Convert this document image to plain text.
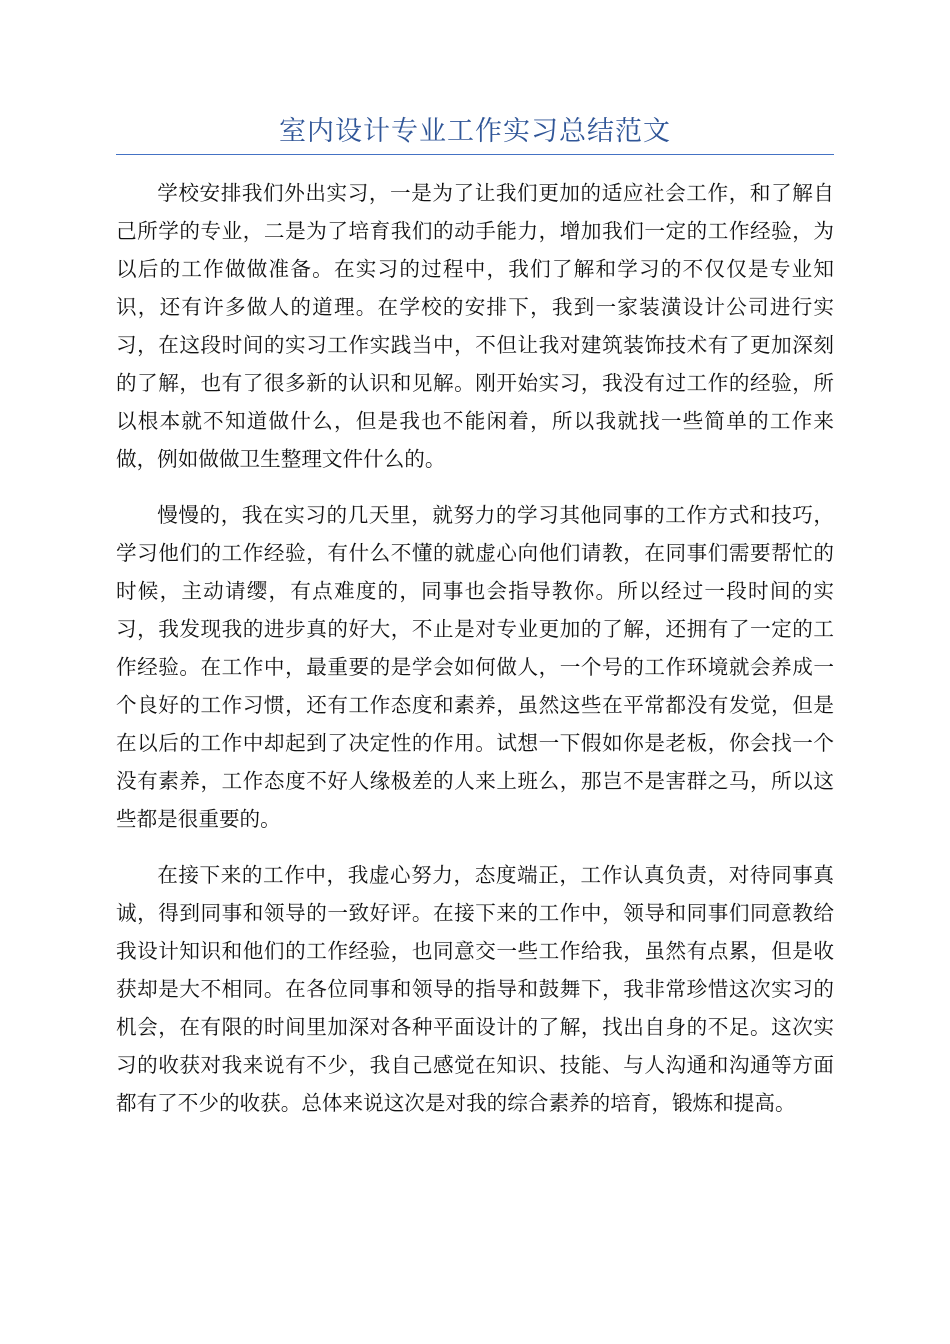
室内设计专业工作实习总结范文

学校安排我们外出实习，一是为了让我们更加的适应社会工作，和了解自己所学的专业，二是为了培育我们的动手能力，增加我们一定的工作经验，为以后的工作做做准备。在实习的过程中，我们了解和学习的不仅仅是专业知识，还有许多做人的道理。在学校的安排下，我到一家装潢设计公司进行实习，在这段时间的实习工作实践当中，不但让我对建筑装饰技术有了更加深刻的了解，也有了很多新的认识和见解。刚开始实习，我没有过工作的经验，所以根本就不知道做什么，但是我也不能闲着，所以我就找一些简单的工作来做，例如做做卫生整理文件什么的。

慢慢的，我在实习的几天里，就努力的学习其他同事的工作方式和技巧，学习他们的工作经验，有什么不懂的就虚心向他们请教，在同事们需要帮忙的时候，主动请缨，有点难度的，同事也会指导教你。所以经过一段时间的实习，我发现我的进步真的好大，不止是对专业更加的了解，还拥有了一定的工作经验。在工作中，最重要的是学会如何做人，一个号的工作环境就会养成一个良好的工作习惯，还有工作态度和素养，虽然这些在平常都没有发觉，但是在以后的工作中却起到了决定性的作用。试想一下假如你是老板，你会找一个没有素养，工作态度不好人缘极差的人来上班么，那岂不是害群之马，所以这些都是很重要的。

在接下来的工作中，我虚心努力，态度端正，工作认真负责，对待同事真诚，得到同事和领导的一致好评。在接下来的工作中，领导和同事们同意教给我设计知识和他们的工作经验，也同意交一些工作给我，虽然有点累，但是收获却是大不相同。在各位同事和领导的指导和鼓舞下，我非常珍惜这次实习的机会，在有限的时间里加深对各种平面设计的了解，找出自身的不足。这次实习的收获对我来说有不少，我自己感觉在知识、技能、与人沟通和沟通等方面都有了不少的收获。总体来说这次是对我的综合素养的培育，锻炼和提高。
